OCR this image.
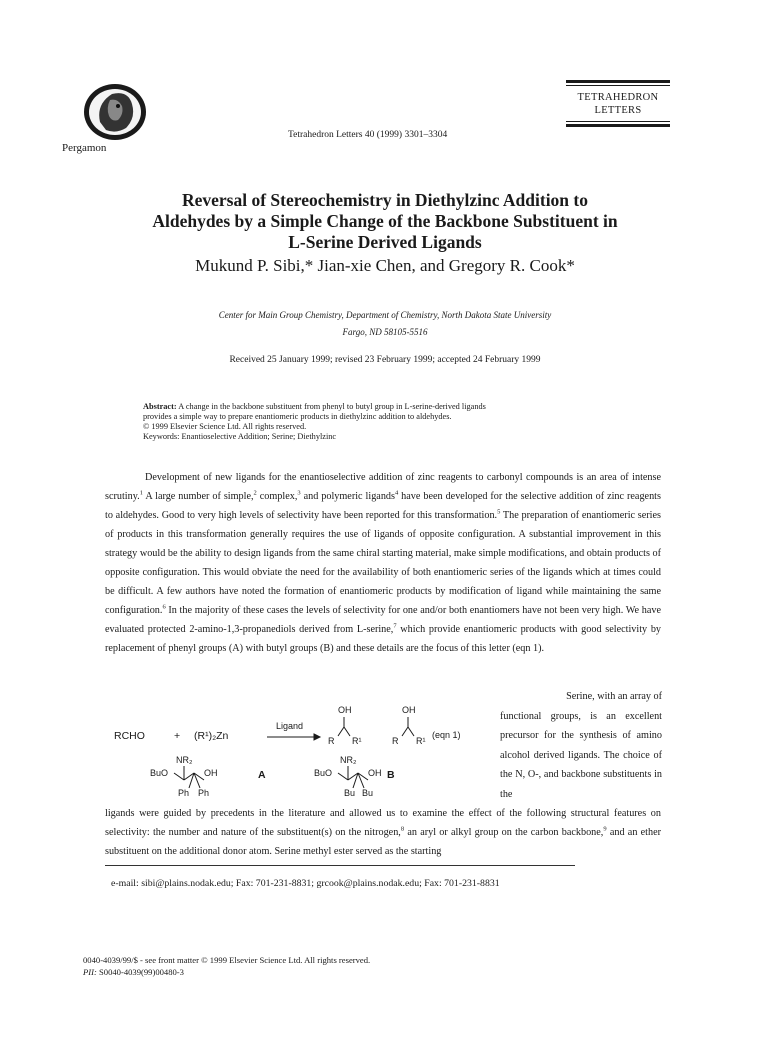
Pergamon
Tetrahedron Letters 40 (1999) 3301–3304
TETRAHEDRON
LETTERS
Reversal of Stereochemistry in Diethylzinc Addition to
Aldehydes by a Simple Change of the Backbone Substituent in
L-Serine Derived Ligands
Mukund P. Sibi,* Jian-xie Chen, and Gregory R. Cook*
Center for Main Group Chemistry, Department of Chemistry, North Dakota State University
Fargo, ND 58105-5516
Received 25 January 1999; revised 23 February 1999; accepted 24 February 1999
Abstract: A change in the backbone substituent from phenyl to butyl group in L-serine-derived ligands
provides a simple way to prepare enantiomeric products in diethylzinc addition to aldehydes.
© 1999 Elsevier Science Ltd. All rights reserved.
Keywords: Enantioselective Addition; Serine; Diethylzinc
Development of new ligands for the enantioselective addition of zinc reagents to carbonyl compounds is an area of intense scrutiny.$^1$ A large number of simple,$^2$ complex,$^3$ and polymeric ligands$^4$ have been developed for the selective addition of zinc reagents to aldehydes. Good to very high levels of selectivity have been reported for this transformation.$^5$ The preparation of enantiomeric series of products in this transformation generally requires the use of ligands of opposite configuration. A substantial improvement in this strategy would be the ability to design ligands from the same chiral starting material, make simple modifications, and obtain products of opposite configuration. This would obviate the need for the availability of both enantiomeric series of the ligands which at times could be difficult. A few authors have noted the formation of enantiomeric products by modification of ligand while maintaining the same configuration.$^6$ In the majority of these cases the levels of selectivity for one and/or both enantiomers have not been very high. We have evaluated protected 2-amino-1,3-propanediols derived from L-serine,$^7$ which provide enantiomeric products with good selectivity by replacement of phenyl groups (A) with butyl groups (B) and these details are the focus of this letter (eqn 1).
RCHO	+ (R¹)₂Zn
Ligand
OH
R R¹
OH
R R¹
(eqn 1)
NR₂
BuO	OH
Ph Ph
A
NR₂
BuO	OH
Bu Bu
B
Serine, with an array of
functional groups, is an excellent precursor for the synthesis of amino alcohol derived ligands. The choice of the N, O-, and backbone substituents in the
ligands were guided by precedents in the literature and allowed us to examine the effect of the following structural features on selectivity: the number and nature of the substituent(s) on the nitrogen,$^8$ an aryl or alkyl group on the carbon backbone,$^9$ and an ether substituent on the additional donor atom. Serine methyl ester served as the starting
e-mail: sibi@plains.nodak.edu; Fax: 701-231-8831; grcook@plains.nodak.edu; Fax: 701-231-8831
0040-4039/99/$ - see front matter © 1999 Elsevier Science Ltd. All rights reserved.
PII: S0040-4039(99)00480-3
